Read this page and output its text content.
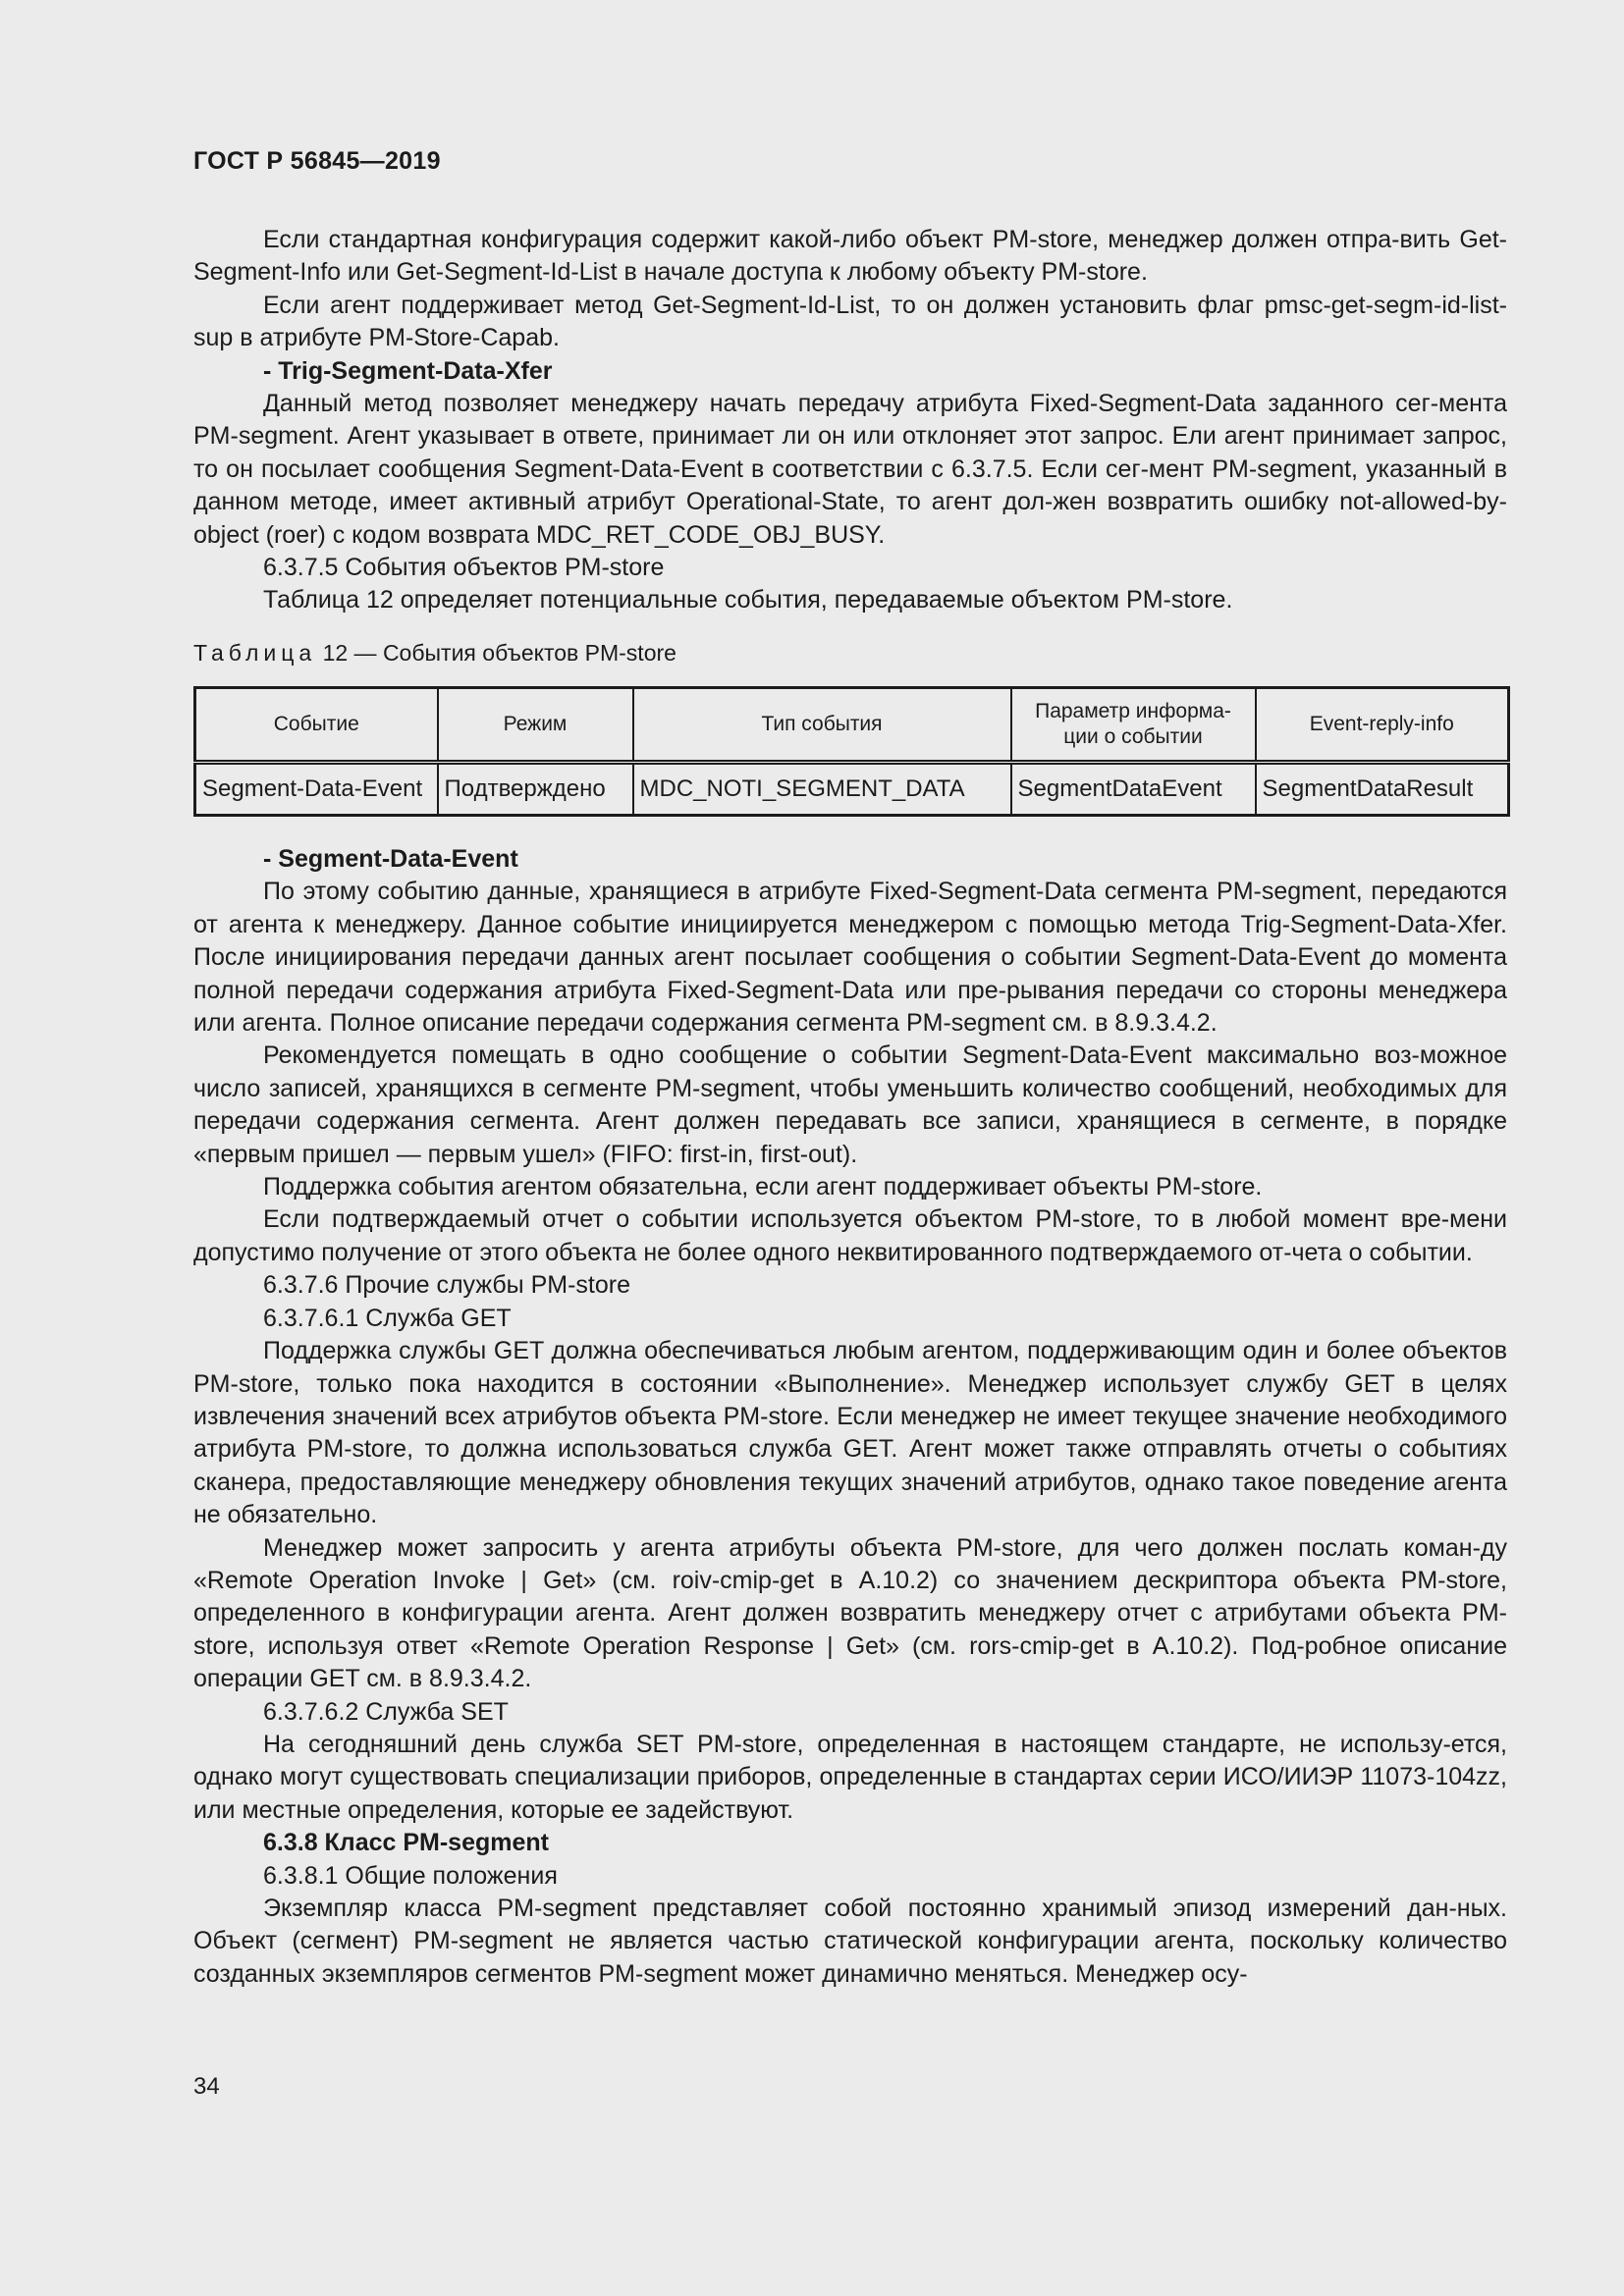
ГОСТ Р 56845—2019

Если стандартная конфигурация содержит какой-либо объект PM-store, менеджер должен отпра-вить Get-Segment-Info или Get-Segment-Id-List в начале доступа к любому объекту PM-store.

Если агент поддерживает метод Get-Segment-Id-List, то он должен установить флаг pmsc-get-segm-id-list-sup в атрибуте PM-Store-Capab.

- Trig-Segment-Data-Xfer

Данный метод позволяет менеджеру начать передачу атрибута Fixed-Segment-Data заданного сег-мента PM-segment. Агент указывает в ответе, принимает ли он или отклоняет этот запрос. Ели агент принимает запрос, то он посылает сообщения Segment-Data-Event в соответствии с 6.3.7.5. Если сег-мент PM-segment, указанный в данном методе, имеет активный атрибут Operational-State, то агент дол-жен возвратить ошибку not-allowed-by-object (roer) с кодом возврата MDC_RET_CODE_OBJ_BUSY.

6.3.7.5 События объектов PM-store

Таблица 12 определяет потенциальные события, передаваемые объектом PM-store.

Таблица 12 — События объектов PM-store
Событие	Режим	Тип события	Параметр информа-ции о событии	Event-reply-info
Segment-Data-Event	Подтверждено	MDC_NOTI_SEGMENT_DATA	SegmentDataEvent	SegmentDataResult

- Segment-Data-Event

По этому событию данные, хранящиеся в атрибуте Fixed-Segment-Data сегмента PM-segment, передаются от агента к менеджеру. Данное событие инициируется менеджером с помощью метода Trig-Segment-Data-Xfer. После инициирования передачи данных агент посылает сообщения о событии Segment-Data-Event до момента полной передачи содержания атрибута Fixed-Segment-Data или пре-рывания передачи со стороны менеджера или агента. Полное описание передачи содержания сегмента PM-segment см. в 8.9.3.4.2.

Рекомендуется помещать в одно сообщение о событии Segment-Data-Event максимально воз-можное число записей, хранящихся в сегменте PM-segment, чтобы уменьшить количество сообщений, необходимых для передачи содержания сегмента. Агент должен передавать все записи, хранящиеся в сегменте, в порядке «первым пришел — первым ушел» (FIFO: first-in, first-out).

Поддержка события агентом обязательна, если агент поддерживает объекты PM-store.

Если подтверждаемый отчет о событии используется объектом PM-store, то в любой момент вре-мени допустимо получение от этого объекта не более одного неквитированного подтверждаемого от-чета о событии.

6.3.7.6 Прочие службы PM-store

6.3.7.6.1 Служба GET

Поддержка службы GET должна обеспечиваться любым агентом, поддерживающим один и более объектов PM-store, только пока находится в состоянии «Выполнение». Менеджер использует службу GET в целях извлечения значений всех атрибутов объекта PM-store. Если менеджер не имеет текущее значение необходимого атрибута PM-store, то должна использоваться служба GET. Агент может также отправлять отчеты о событиях сканера, предоставляющие менеджеру обновления текущих значений атрибутов, однако такое поведение агента не обязательно.

Менеджер может запросить у агента атрибуты объекта PM-store, для чего должен послать коман-ду «Remote Operation Invoke | Get» (см. roiv-cmip-get в А.10.2) со значением дескриптора объекта PM-store, определенного в конфигурации агента. Агент должен возвратить менеджеру отчет с атрибутами объекта PM-store, используя ответ «Remote Operation Response | Get» (см. rors-cmip-get в А.10.2). Под-робное описание операции GET см. в 8.9.3.4.2.

6.3.7.6.2 Служба SET

На сегодняшний день служба SET PM-store, определенная в настоящем стандарте, не использу-ется, однако могут существовать специализации приборов, определенные в стандартах серии ИСО/ИИЭР 11073-104zz, или местные определения, которые ее задействуют.

6.3.8 Класс PM-segment

6.3.8.1 Общие положения

Экземпляр класса PM-segment представляет собой постоянно хранимый эпизод измерений дан-ных. Объект (сегмент) PM-segment не является частью статической конфигурации агента, поскольку количество созданных экземпляров сегментов PM-segment может динамично меняться. Менеджер осу-

34
